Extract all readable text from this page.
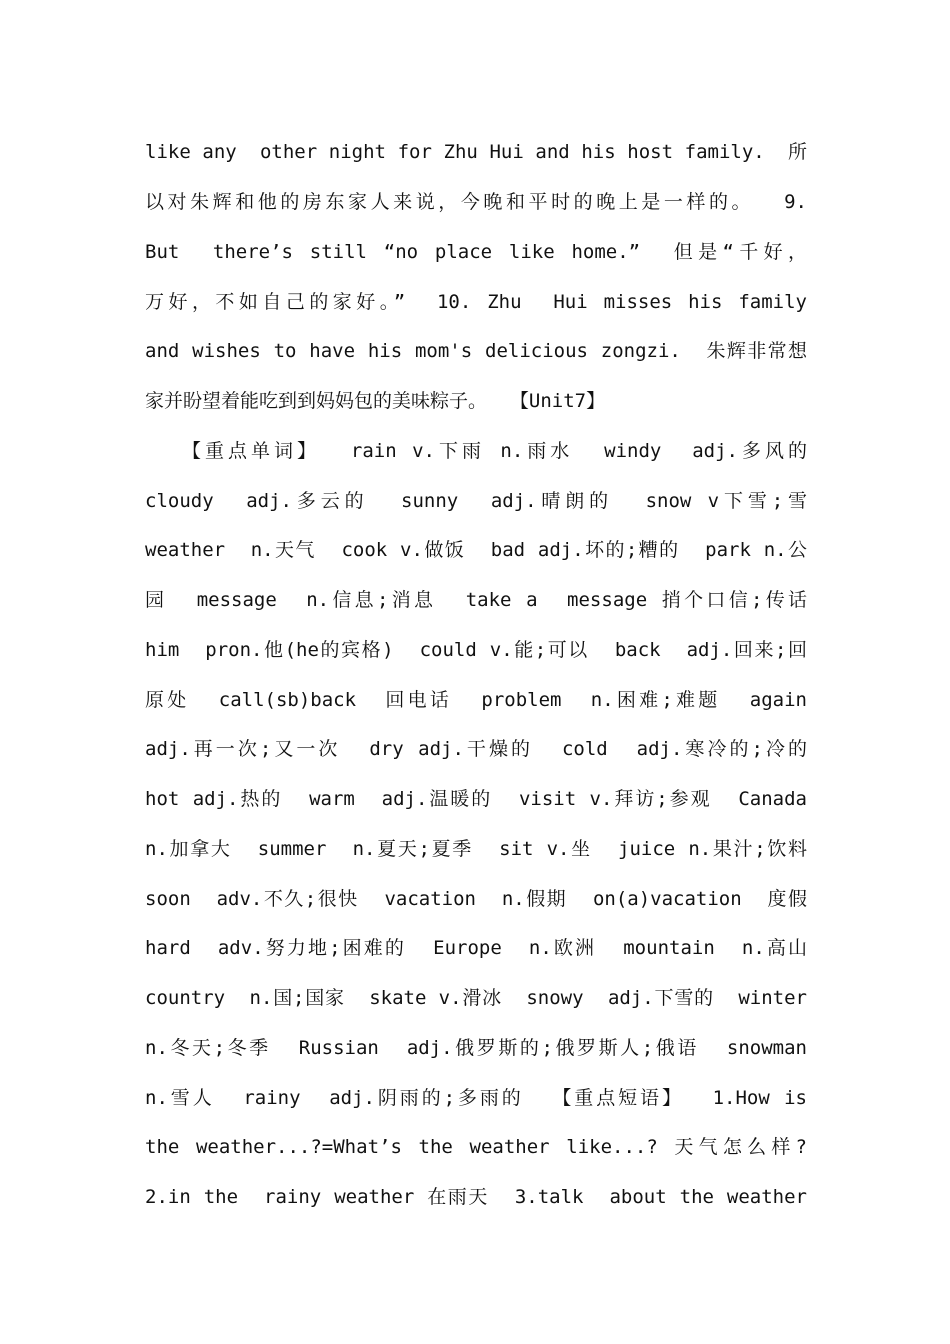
like any  other night for Zhu Hui and his host family.  所
以对朱辉和他的房东家人来说，今晚和平时的晚上是一样的。  9.
But  there’s still “no place like home.”  但是“千好，
万好，不如自己的家好。”  10. Zhu  Hui misses his family
and wishes to have his mom's delicious zongzi.  朱辉非常想
家并盼望着能吃到到妈妈包的美味粽子。  【Unit7】
【重点单词】  rain v.下雨 n.雨水  windy  adj.多风的
cloudy  adj.多云的  sunny  adj.晴朗的  snow v下雪;雪
weather  n.天气  cook v.做饭  bad adj.坏的;糟的  park n.公
园  message  n.信息;消息  take a  message 捎个口信;传话
him  pron.他(he的宾格)  could v.能;可以  back  adj.回来;回
原处  call(sb)back  回电话  problem  n.困难;难题  again
adj.再一次;又一次  dry adj.干燥的  cold  adj.寒冷的;冷的
hot adj.热的  warm  adj.温暖的  visit v.拜访;参观  Canada
n.加拿大  summer  n.夏天;夏季  sit v.坐  juice n.果汁;饮料
soon  adv.不久;很快  vacation  n.假期  on(a)vacation  度假
hard  adv.努力地;困难的  Europe  n.欧洲  mountain  n.高山
country  n.国;国家  skate v.滑冰  snowy  adj.下雪的  winter
n.冬天;冬季  Russian  adj.俄罗斯的;俄罗斯人;俄语  snowman
n.雪人  rainy  adj.阴雨的;多雨的  【重点短语】  1.How is
the weather...?=What’s the weather like...? 天气怎么样?
2.in the  rainy weather 在雨天  3.talk  about the weather
